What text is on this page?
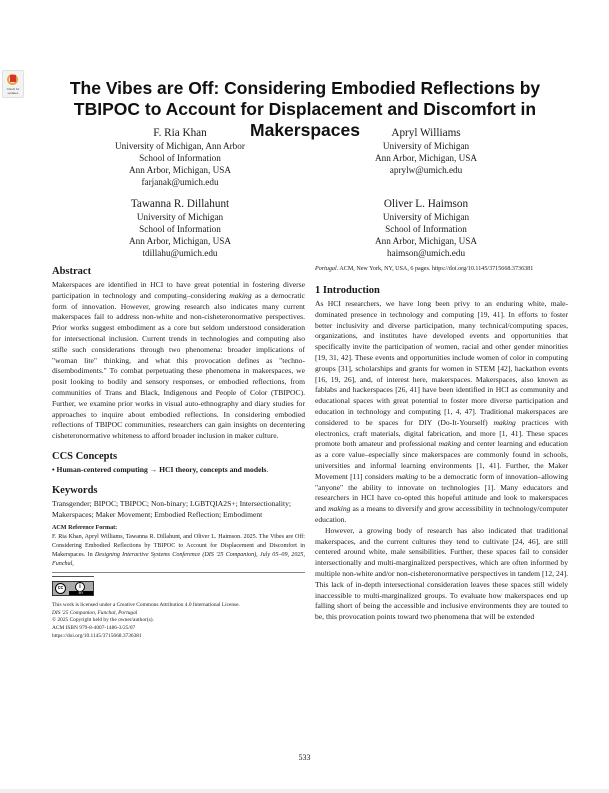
Check for updates	The Vibes are Off: Considering Embodied Reflections by TBIPOC to Account for Displacement and Discomfort in Makerspaces
F. Ria Khan
University of Michigan, Ann Arbor
School of Information
Ann Arbor, Michigan, USA
farjanak@umich.edu
Apryl Williams
University of Michigan
Ann Arbor, Michigan, USA
aprylw@umich.edu
Tawanna R. Dillahunt
University of Michigan
School of Information
Ann Arbor, Michigan, USA
tdillahu@umich.edu
Oliver L. Haimson
University of Michigan
School of Information
Ann Arbor, Michigan, USA
haimson@umich.edu
Abstract

Makerspaces are identified in HCI to have great potential in fostering diverse participation in technology and computing–considering making as a democratic form of innovation. However, growing research also indicates many current makerspaces fail to address non-white and non-cisheteronormative perspectives. Prior works suggest embodiment as a core but seldom understood consideration for intersectional inclusion. Current trends in technologies and computing also stifle such considerations through two phenomena: broader implications of "woman lite" thinking, and what this provocation defines as "techno-disembodiments." To combat perpetuating these phenomena in makerspaces, we posit looking to bodily and sensory responses, or embodied reflections, from communities of Trans and Black, Indigenous and People of Color (TBIPOC). Further, we examine prior works in visual auto-ethnography and diary studies for approaches to inquire about embodied reflections. In considering embodied reflections of TBIPOC communities, researchers can gain insights on decentering cisheteronormative whiteness to afford broader inclusion in maker culture.

CCS Concepts

• Human-centered computing → HCI theory, concepts and models.

Keywords

Transgender; BIPOC; TBIPOC; Non-binary; LGBTQIA2S+; Intersectionality; Makerspaces; Maker Movement; Embodied Reflection; Embodiment

ACM Reference Format:
F. Ria Khan, Apryl Williams, Tawanna R. Dillahunt, and Oliver L. Haimson. 2025. The Vibes are Off: Considering Embodied Reflections by TBIPOC to Account for Displacement and Discomfort in Makerspaces. In Designing Interactive Systems Conference (DIS '25 Companion), July 05–09, 2025, Funchal,
cc	i
BY
This work is licensed under a Creative Commons Attribution 4.0 International License.
DIS '25 Companion, Funchal, Portugal
© 2025 Copyright held by the owner/author(s).
ACM ISBN 979-8-4007-1486-3/25/07
https://doi.org/10.1145/3715668.3736381

Portugal. ACM, New York, NY, USA, 6 pages. https://doi.org/10.1145/3715668.3736381

1 Introduction

As HCI researchers, we have long been privy to an enduring white, male-dominated presence in technology and computing [19, 41]. In efforts to foster better inclusivity and diverse participation, many technical/computing spaces, organizations, and institutes have developed events and opportunities that specifically invite the participation of women, racial and other gender minorities [19, 31, 42]. These events and opportunities include women of color in computing groups [31], scholarships and grants for women in STEM [42], hackathon events [16, 19, 26], and, of interest here, makerspaces. Makerspaces, also known as fablabs and hackerspaces [26, 41] have been identified in HCI as community and educational spaces with great potential to foster more diverse participation and education in technology and computing [1, 4, 47]. Traditional makerspaces are considered to be spaces for DIY (Do-It-Yourself) making practices with electronics, craft materials, digital fabrication, and more [1, 41]. These spaces promote both amateur and professional making and center learning and education as a core value–especially since makerspaces are commonly found in schools, universities and informal learning environments [1, 41]. Further, the Maker Movement [11] considers making to be a democratic form of innovation–allowing "anyone" the ability to innovate on technologies [1]. Many educators and researchers in HCI have co-opted this hopeful attitude and look to makerspaces and making as a means to diversify and grow accessibility in technology/computer education.

However, a growing body of research has also indicated that traditional makerspaces, and the current cultures they tend to cultivate [24, 46], are still centered around white, male sensibilities. Further, these spaces fail to consider intersectionally and multi-marginalized perspectives, which are often informed by multiple non-white and/or non-cisheteronormative perspectives in tandem [12, 24]. This lack of in-depth intersectional consideration leaves these spaces still widely inaccessible to multi-marginalized groups. To evaluate how makerspaces end up falling short of being the accessible and inclusive environments they are touted to be, this provocation points toward two phenomena that will be extended

533
